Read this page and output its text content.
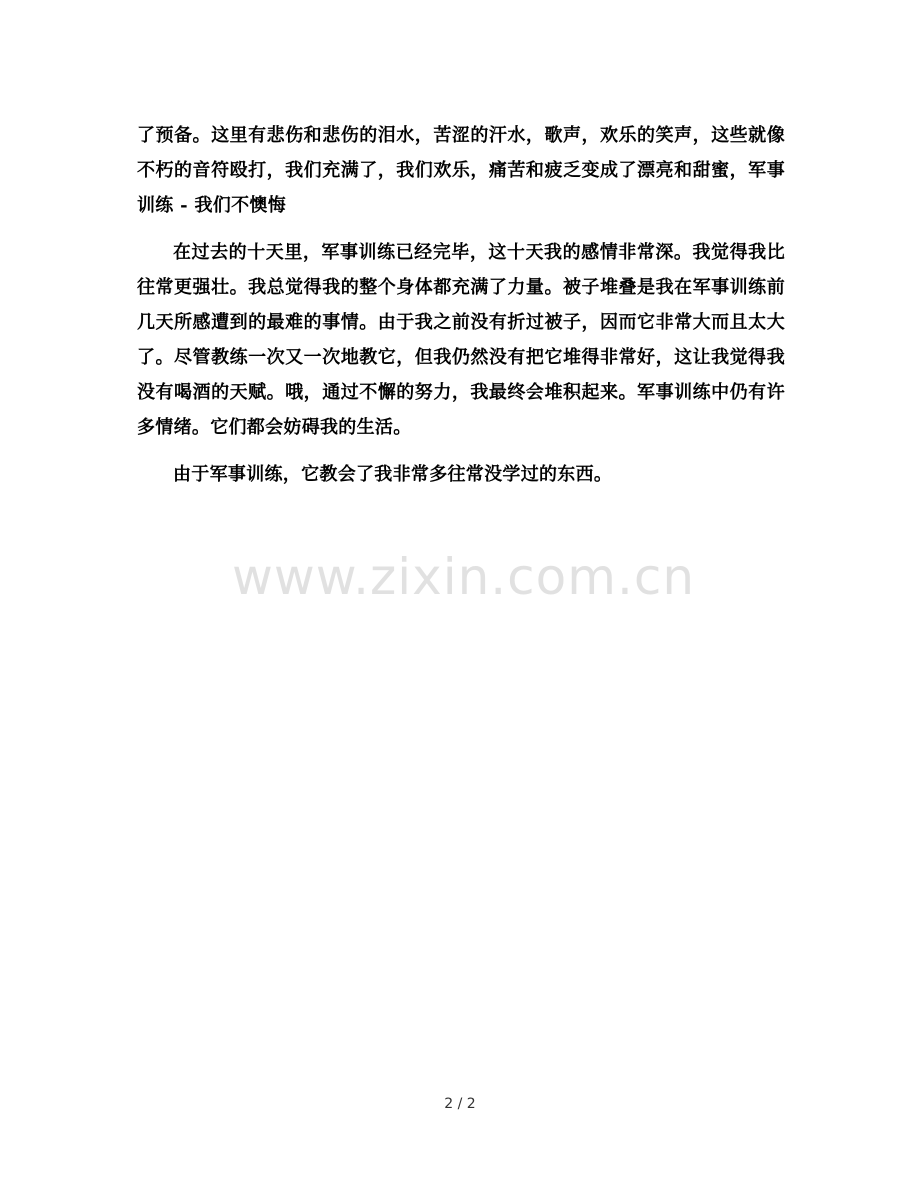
了预备。这里有悲伤和悲伤的泪水，苦涩的汗水，歌声，欢乐的笑声，这些就像不朽的音符殴打，我们充满了，我们欢乐，痛苦和疲乏变成了漂亮和甜蜜，军事训练 - 我们不懊悔

在过去的十天里，军事训练已经完毕，这十天我的感情非常深。我觉得我比往常更强壮。我总觉得我的整个身体都充满了力量。被子堆叠是我在军事训练前几天所感遭到的最难的事情。由于我之前没有折过被子，因而它非常大而且太大了。尽管教练一次又一次地教它，但我仍然没有把它堆得非常好，这让我觉得我没有喝酒的天赋。哦，通过不懈的努力，我最终会堆积起来。军事训练中仍有许多情绪。它们都会妨碍我的生活。

由于军事训练，它教会了我非常多往常没学过的东西。

www.zixin.com.cn
2 / 2
